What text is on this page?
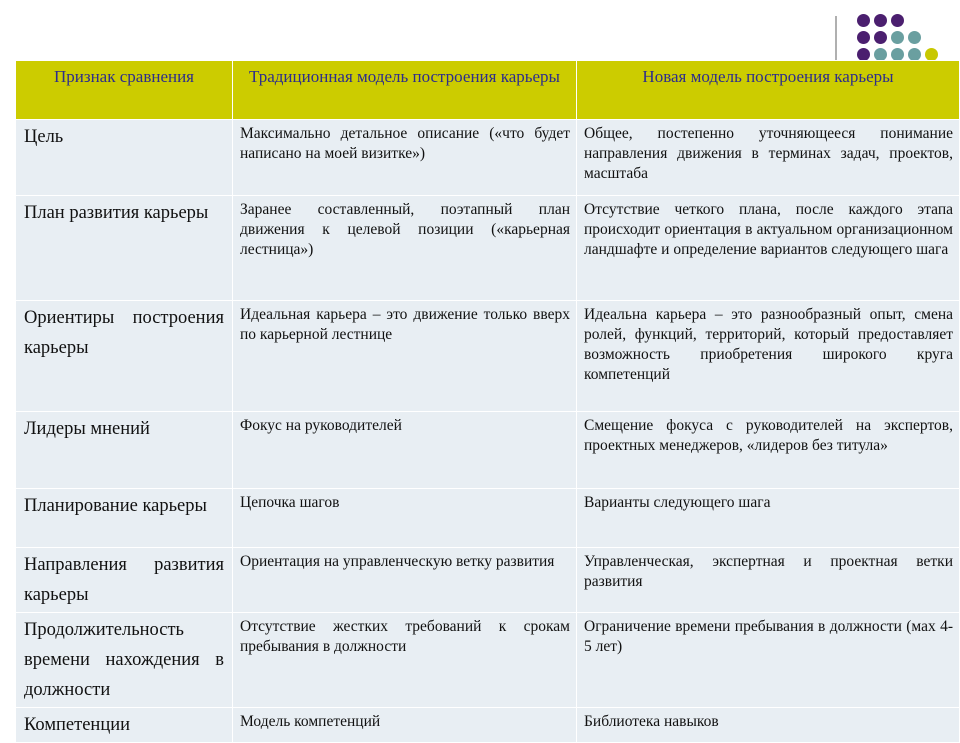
Признак сравнения	Традиционная модель построения карьеры	Новая модель построения карьеры
Цель	Максимально детальное описание («что будет написано на моей визитке»)	Общее, постепенно уточняющееся понимание направления движения в терминах задач, проектов, масштаба
План развития карьеры	Заранее составленный, поэтапный план движения к целевой позиции («карьерная лестница»)	Отсутствие четкого плана, после каждого этапа происходит ориентация в актуальном организационном ландшафте и определение вариантов следующего шага
Ориентиры построения карьеры	Идеальная карьера – это движение только вверх по карьерной лестнице	Идеальна карьера – это разнообразный опыт, смена ролей, функций, территорий, который предоставляет возможность приобретения широкого круга компетенций
Лидеры мнений	Фокус на руководителей	Смещение фокуса с руководителей на экспертов, проектных менеджеров, «лидеров без титула»
Планирование карьеры	Цепочка шагов	Варианты следующего шага
Направления развития карьеры	Ориентация на управленческую ветку развития	Управленческая, экспертная и проектная ветки развития
Продолжительность времени нахождения в должности	Отсутствие жестких требований к срокам пребывания в должности	Ограничение времени пребывания в должности (мах 4-5 лет)
Компетенции	Модель компетенций	Библиотека навыков
